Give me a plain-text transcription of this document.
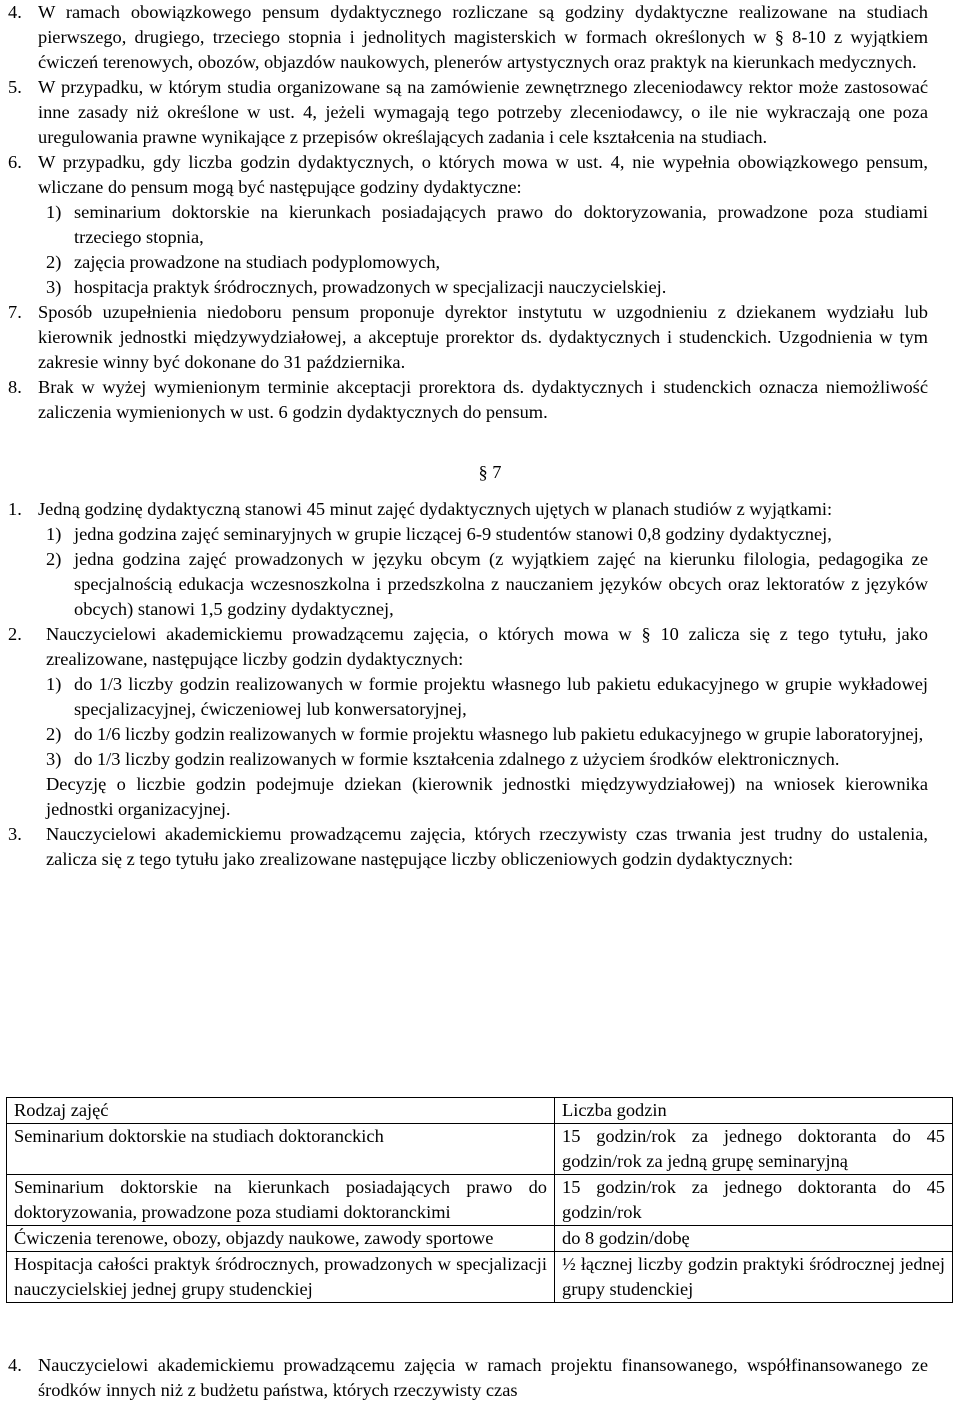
4. W ramach obowiązkowego pensum dydaktycznego rozliczane są godziny dydaktyczne realizowane na studiach pierwszego, drugiego, trzeciego stopnia i jednolitych magisterskich w formach określonych w § 8-10 z wyjątkiem ćwiczeń terenowych, obozów, objazdów naukowych, plenerów artystycznych oraz praktyk na kierunkach medycznych.

5. W przypadku, w którym studia organizowane są na zamówienie zewnętrznego zleceniodawcy rektor może zastosować inne zasady niż określone w ust. 4, jeżeli wymagają tego potrzeby zleceniodawcy, o ile nie wykraczają one poza uregulowania prawne wynikające z przepisów określających zadania i cele kształcenia na studiach.

6. W przypadku, gdy liczba godzin dydaktycznych, o których mowa w ust. 4, nie wypełnia obowiązkowego pensum, wliczane do pensum mogą być następujące godziny dydaktyczne:

1) seminarium doktorskie na kierunkach posiadających prawo do doktoryzowania, prowadzone poza studiami trzeciego stopnia,

2) zajęcia prowadzone na studiach podyplomowych,

3) hospitacja praktyk śródrocznych, prowadzonych w specjalizacji nauczycielskiej.

7. Sposób uzupełnienia niedoboru pensum proponuje dyrektor instytutu w uzgodnieniu z dziekanem wydziału lub kierownik jednostki międzywydziałowej, a akceptuje prorektor ds. dydaktycznych i studenckich. Uzgodnienia w tym zakresie winny być dokonane do 31 października.

8. Brak w wyżej wymienionym terminie akceptacji prorektora ds. dydaktycznych i studenckich oznacza niemożliwość zaliczenia wymienionych w ust. 6 godzin dydaktycznych do pensum.

§ 7

1. Jedną godzinę dydaktyczną stanowi 45 minut zajęć dydaktycznych ujętych w planach studiów z wyjątkami:

1) jedna godzina zajęć seminaryjnych w grupie liczącej 6-9 studentów stanowi 0,8 godziny dydaktycznej,

2) jedna godzina zajęć prowadzonych w języku obcym (z wyjątkiem zajęć na kierunku filologia, pedagogika ze specjalnością edukacja wczesnoszkolna i przedszkolna z nauczaniem języków obcych oraz lektoratów z języków obcych) stanowi 1,5 godziny dydaktycznej,

2. Nauczycielowi akademickiemu prowadzącemu zajęcia, o których mowa w § 10 zalicza się z tego tytułu, jako zrealizowane, następujące liczby godzin dydaktycznych:

1) do 1/3 liczby godzin realizowanych w formie projektu własnego lub pakietu edukacyjnego w grupie wykładowej specjalizacyjnej, ćwiczeniowej lub konwersatoryjnej,

2) do 1/6 liczby godzin realizowanych w formie projektu własnego lub pakietu edukacyjnego w grupie laboratoryjnej,

3) do 1/3 liczby godzin realizowanych w formie kształcenia zdalnego z użyciem środków elektronicznych.

Decyzję o liczbie godzin podejmuje dziekan (kierownik jednostki międzywydziałowej) na wniosek kierownika jednostki organizacyjnej.

3. Nauczycielowi akademickiemu prowadzącemu zajęcia, których rzeczywisty czas trwania jest trudny do ustalenia, zalicza się z tego tytułu jako zrealizowane następujące liczby obliczeniowych godzin dydaktycznych:

Rodzaj zajęć	Liczba godzin
Seminarium doktorskie na studiach doktoranckich	15 godzin/rok za jednego doktoranta do 45 godzin/rok za jedną grupę seminaryjną
Seminarium doktorskie na kierunkach posiadających prawo do doktoryzowania, prowadzone poza studiami doktoranckimi	15 godzin/rok za jednego doktoranta do 45 godzin/rok
Ćwiczenia terenowe, obozy, objazdy naukowe, zawody sportowe	do 8 godzin/dobę
Hospitacja całości praktyk śródrocznych, prowadzonych w specjalizacji nauczycielskiej jednej grupy studenckiej	½ łącznej liczby godzin praktyki śródrocznej jednej grupy studenckiej
4. Nauczycielowi akademickiemu prowadzącemu zajęcia w ramach projektu finansowanego, współfinansowanego ze środków innych niż z budżetu państwa, których rzeczywisty czas
